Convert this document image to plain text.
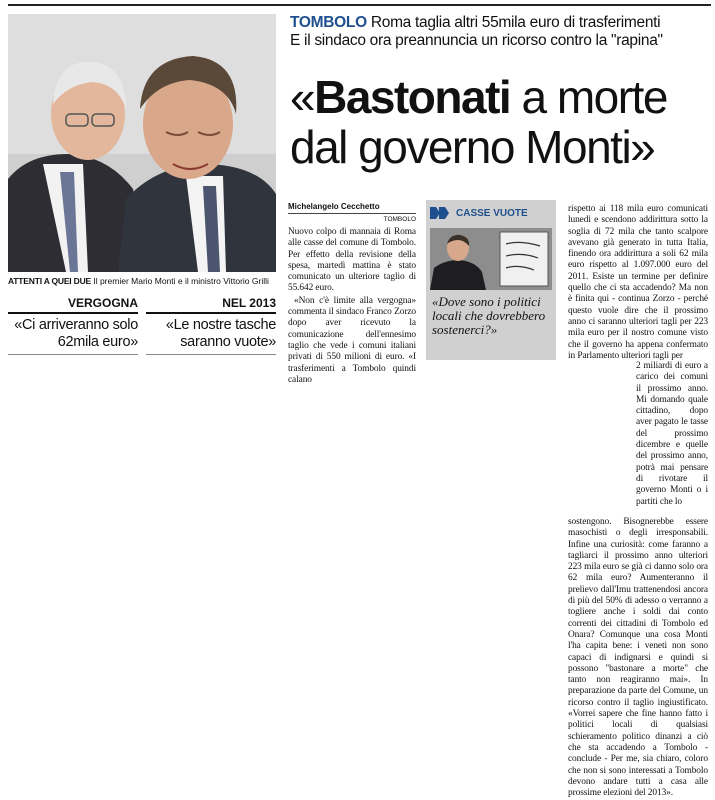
ATTENTI A QUEI DUE Il premier Mario Monti e il ministro Vittorio Grilli
VERGOGNA
«Ci arriveranno solo 62mila euro»
NEL 2013
«Le nostre tasche saranno vuote»
TOMBOLO Roma taglia altri 55mila euro di trasferimenti
E il sindaco ora preannuncia un ricorso contro la "rapina"
«Bastonati a morte
dal governo Monti»
Michelangelo Cecchetto
TOMBOLO

Nuovo colpo di mannaia di Roma alle casse del comune di Tombolo. Per effetto della revisione della spesa, martedì mattina è stato comunicato un ulteriore taglio di 55.642 euro.

«Non c'è limite alla vergogna» commenta il sindaco Franco Zorzo dopo aver ricevuto la comunicazione dell'ennesimo taglio che vede i comuni italiani privati di 550 milioni di euro. «I trasferimenti a Tombolo quindi calano

CASSE VUOTE
«Dove sono i politici locali che dovrebbero sostenerci?»

rispetto ai 118 mila euro comunicati lunedì e scendono addirittura sotto la soglia di 72 mila che tanto scalpore avevano già generato in tutta Italia, finendo ora addirittura a soli 62 mila euro rispetto al 1.097.000 euro del 2011. Esiste un termine per definire quello che ci sta accadendo? Ma non è finita qui - continua Zorzo - perché questo vuole dire che il prossimo anno ci saranno ulteriori tagli per 223 mila euro per il nostro comune visto che il governo ha appena confermato in Parlamento ulteriori tagli per

2 miliardi di euro a carico dei comuni il prossimo anno. Mi domando quale cittadino, dopo aver pagato le tasse del prossimo dicembre e quelle del prossimo anno, potrà mai pensare di rivotare il governo Monti o i partiti che lo

sostengono. Bisognerebbe essere masochisti o degli irresponsabili. Infine una curiosità: come faranno a tagliarci il prossimo anno ulteriori 223 mila euro se già ci danno solo ora 62 mila euro? Aumenteranno il prelievo dall'Imu trattenendosi ancora di più del 50% di adesso o verranno a togliere anche i soldi dai conto correnti dei cittadini di Tombolo ed Onara? Comunque una cosa Monti l'ha capita bene: i veneti non sono capaci di indignarsi e quindi si possono "bastonare a morte" che tanto non reagiranno mai». In preparazione da parte del Comune, un ricorso contro il taglio ingiustificato. «Vorrei sapere che fine hanno fatto i politici locali di qualsiasi schieramento politico dinanzi a ciò che sta accadendo a Tombolo - conclude - Per me, sia chiaro, coloro che non si sono interessati a Tombolo devono andare tutti a casa alle prossime elezioni del 2013».
